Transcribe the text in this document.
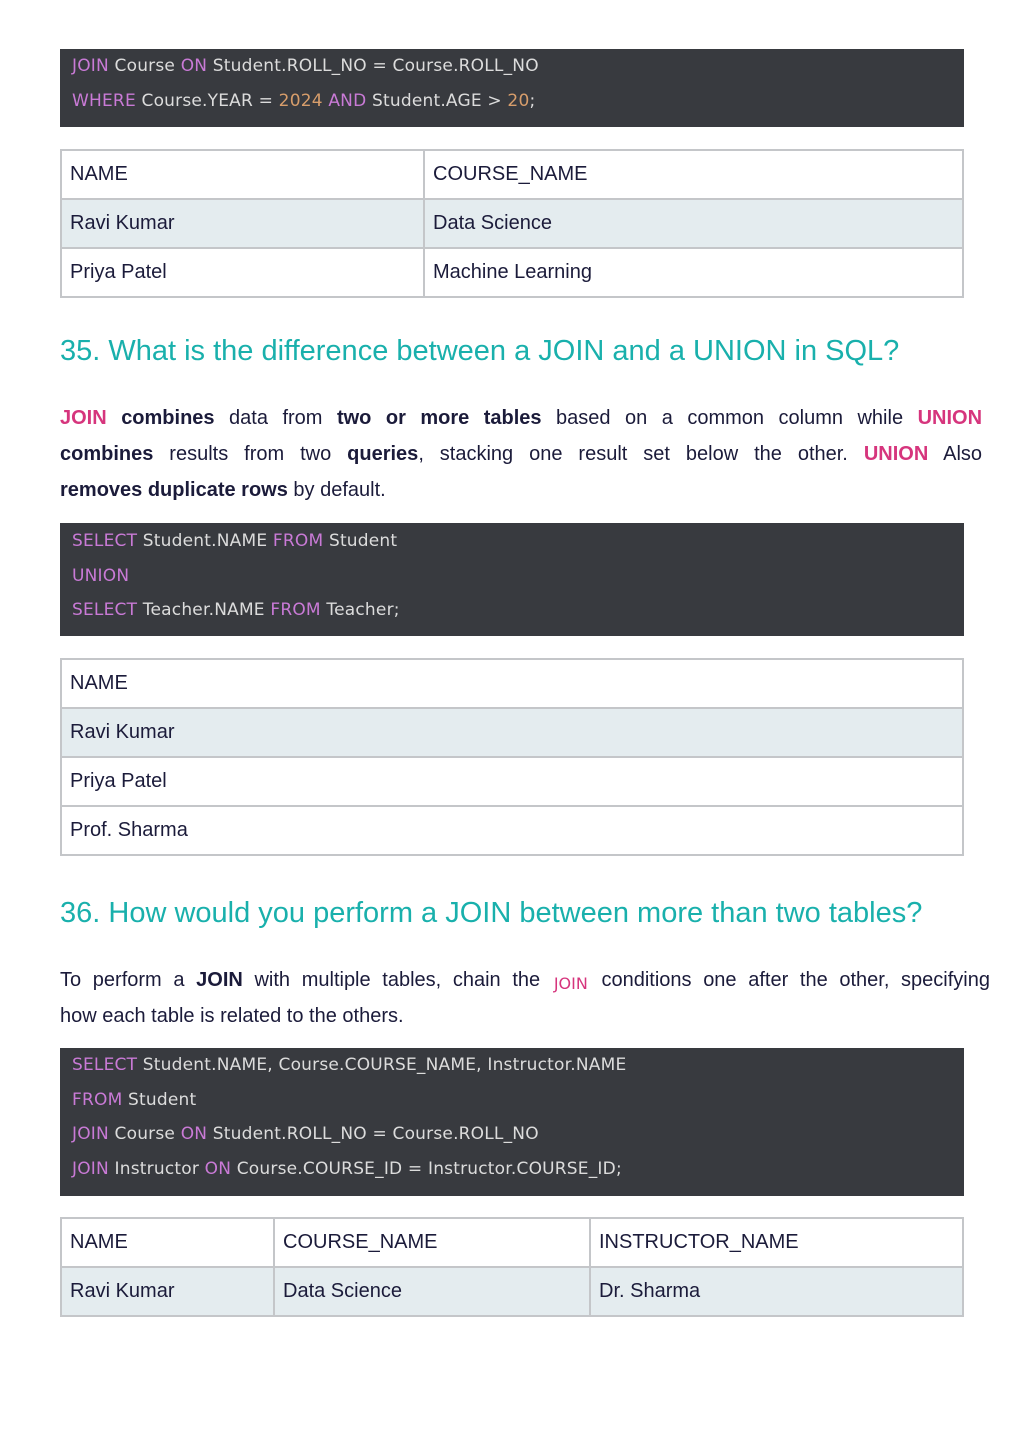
JOIN Course ON Student.ROLL_NO = Course.ROLL_NO
WHERE Course.YEAR = 2024 AND Student.AGE > 20;
NAME	COURSE_NAME
Ravi Kumar	Data Science
Priya Patel	Machine Learning
35. What is the difference between a JOIN and a UNION in SQL?
JOIN combines data from two or more tables based on a common column while UNION
combines results from two queries, stacking one result set below the other. UNION Also
removes duplicate rows by default.
SELECT Student.NAME FROM Student
UNION
SELECT Teacher.NAME FROM Teacher;
NAME
Ravi Kumar
Priya Patel
Prof. Sharma
36. How would you perform a JOIN between more than two tables?
To perform a JOIN with multiple tables, chain the JOIN conditions one after the other, specifying
how each table is related to the others.
SELECT Student.NAME, Course.COURSE_NAME, Instructor.NAME
FROM Student
JOIN Course ON Student.ROLL_NO = Course.ROLL_NO
JOIN Instructor ON Course.COURSE_ID = Instructor.COURSE_ID;
NAME	COURSE_NAME	INSTRUCTOR_NAME
Ravi Kumar	Data Science	Dr. Sharma
